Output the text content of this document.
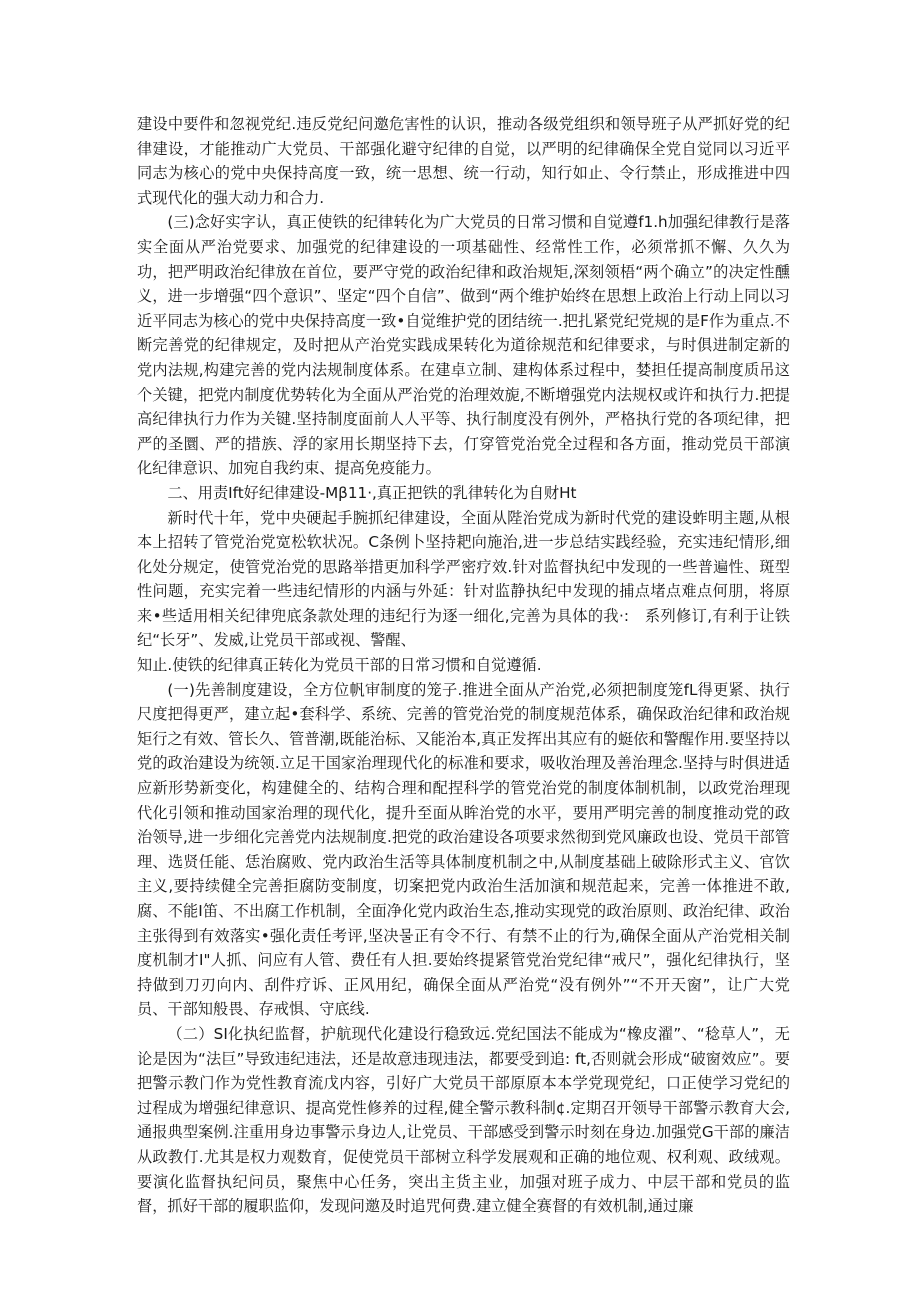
建设中要件和忽视党纪.违反党纪问邀危害性的认识，推动各级党组织和领导班子从严抓好党的纪律建设，才能推动广大党员、干部强化避守纪律的自觉，以严明的纪律确保全党自觉同以习近平同志为核心的党中央保持高度一致，统一思想、统一行动，知行如止、令行禁止，形成推进中四式现代化的强大动力和合力.

(三)念好实字认，真正使铁的纪律转化为广大党员的日常习惯和自觉遵f1.h加强纪律教行是落实全面从严治党要求、加强党的纪律建设的一项基础性、经常性工作，必须常抓不懈、久久为功，把严明政治纪律放在首位，要严守党的政治纪律和政治规矩,深刻领梧“两个确立”的决定性醺义，进一步增强“四个意识”、坚定“四个自信”、做到“两个维护始终在思想上政治上行动上同以习近平同志为核心的党中央保持高度一致•自觉维护党的团结统一.把扎紧党纪党规的是F作为重点.不断完善党的纪律规定，及时把从产治党实践成果转化为道徐规范和纪律要求，与时俱进制定新的党内法规,构建完善的党内法规制度体系。在建卓立制、建构体系过程中，婪担任提高制度质吊这个关键，把党内制度优势转化为全面从严治党的治理效旎,不断增强党内法规权或许和执行力.把提高纪律执行力作为关键.坚持制度面前人人平等、执行制度没有例外，严格执行党的各项纪律，把严的圣圜、严的措族、浮的家用长期坚持下去，仃穿管党治党全过程和各方面，推动党员干部演化纪律意识、加宛自我约束、提高免疫能力。

二、用责Ift好纪律建设-Mβ11·,真正把铁的乳律转化为自财Ht

新时代十年，党中央硬起手腕抓纪律建设，全面从陛治党成为新时代党的建设蚱明主题,从根本上招转了管党治党宽松软状况。C条例卜坚持耙向施治,进一步总结实践经验，充实违纪情形,细化处分规定，使管党治党的思路举措更加科学严密疗效.针对监督执纪中发现的一些普遍性、斑型性问题，充实完着一些违纪情形的内涵与外延：针对监静执纪中发现的捕点堵点难点何朋，将原来•些适用相关纪律兜底条款处理的违纪行为逐一细化,完善为具体的我·:　系列修订,有利于让铁纪“长牙”、发威,让党员干部或视、警醒、

知止.使铁的纪律真正转化为党员干部的日常习惯和自觉遵循.

(一)先善制度建设，全方位帆审制度的笼子.推进全面从产治党,必须把制度笼fL得更紧、执行尺度把得更严，建立起•套科学、系统、完善的管党治党的制度规范体系，确保政治纪律和政治规矩行之有效、管长久、管普潮,既能治标、又能治本,真正发挥出其应有的蜓依和警醒作用.要坚持以党的政治建设为统领.立足干国家治理现代化的标准和要求，吸收治理及善治理念.坚持与时俱进适应新形势新变化，构建健全的、结构合理和配捏科学的管党治党的制度体制机制，以政党治理现代化引领和推动国家治理的现代化，提升至面从眸治党的水平，要用严明完善的制度推动党的政治领导,进一步细化完善党内法规制度.把党的政治建设各项要求然彻到党风廉政也设、党员干部管理、选贤任能、恁治腐败、党内政治生活等具体制度机制之中,从制度基础上破除形式主义、官饮主义,要持续健全完善拒腐防变制度，切案把党内政治生活加演和规范起来，完善一体推进不敢,腐、不能I笛、不出腐工作机制，全面净化党内政治生态,推动实现党的政治原则、政治纪律、政治主张得到有效落实•强化责任考评,坚决물正有令不行、有禁不止的行为,确保全面从产治党相关制度机制才I"人抓、问应有人管、费任有人担.要始终提紧管党治党纪律“戒尺”，强化纪律执行，坚持做到刀刃向内、刮件疗诉、正风用纪，确保全面从严治党“没有例外”“不开天窗”，让广大党员、干部知般畏、存戒惧、守底线.

（二）SI化执纪监督，护航现代化建设行稳致远.党纪国法不能成为“橡皮濯”、“稔草人”，无论是因为“法巨”导致违纪违法，还是故意违现违法，都要受到追: ft,否则就会形成“破窗效应”。要把警示教门作为党性教育流戊内容，引好广大党员干部原原本本学党现党纪，口正使学习党纪的过程成为增强纪律意识、提高党性修养的过程,健全警示教科制¢.定期召开领导干部警示教育大会,通报典型案例.注重用身边事警示身边人,让党员、干部感受到警示时刻在身边.加强党G干部的廉洁从政教仃.尤其是权力观数育，促使党员干部树立科学发展观和正确的地位观、权利观、政绒观。要演化监督执纪问员，聚焦中心任务，突出主货主业，加强对班子成力、中层干部和党员的监督，抓好干部的履职监仰，发现问邀及时追咒何费.建立健全赛督的有效机制,通过廉
